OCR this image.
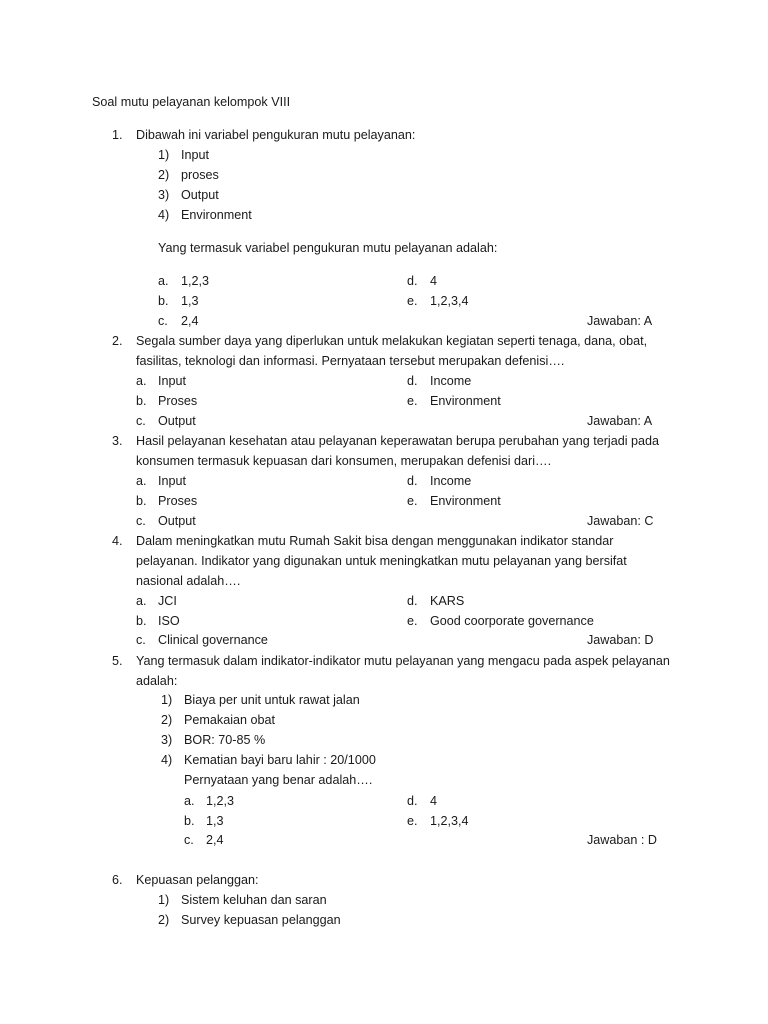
Soal mutu pelayanan kelompok VIII
1. Dibawah ini variabel pengukuran mutu pelayanan:
1) Input
2) proses
3) Output
4) Environment
Yang termasuk variabel pengukuran mutu pelayanan adalah:
a. 1,2,3	d. 4
b. 1,3	e. 1,2,3,4
c. 2,4	Jawaban: A
2. Segala sumber daya yang diperlukan untuk melakukan kegiatan seperti tenaga, dana, obat,
fasilitas, teknologi dan informasi. Pernyataan tersebut merupakan defenisi….
a. Input	d. Income
b. Proses	e. Environment
c. Output	Jawaban: A
3. Hasil pelayanan kesehatan atau pelayanan keperawatan berupa perubahan yang terjadi pada
konsumen termasuk kepuasan dari konsumen, merupakan defenisi dari….
a. Input	d. Income
b. Proses	e. Environment
c. Output	Jawaban: C
4. Dalam meningkatkan mutu Rumah Sakit bisa dengan menggunakan indikator standar
pelayanan. Indikator yang digunakan untuk meningkatkan mutu pelayanan yang bersifat
nasional adalah….
a. JCI	d. KARS
b. ISO	e. Good coorporate governance
c. Clinical governance	Jawaban: D
5. Yang termasuk dalam indikator-indikator mutu pelayanan yang mengacu pada aspek pelayanan
adalah:
1) Biaya per unit untuk rawat jalan
2) Pemakaian obat
3) BOR: 70-85 %
4) Kematian bayi baru lahir : 20/1000
Pernyataan yang benar adalah….
a. 1,2,3	d. 4
b. 1,3	e. 1,2,3,4
c. 2,4	Jawaban : D
6. Kepuasan pelanggan:
1) Sistem keluhan dan saran
2) Survey kepuasan pelanggan
